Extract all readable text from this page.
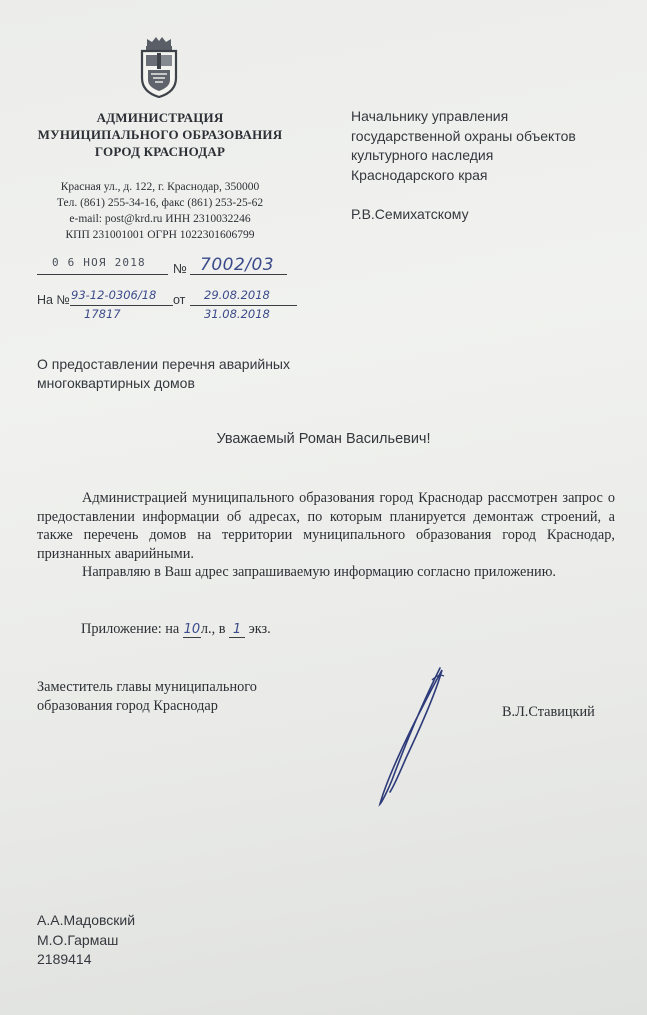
АДМИНИСТРАЦИЯ
МУНИЦИПАЛЬНОГО ОБРАЗОВАНИЯ
ГОРОД КРАСНОДАР
Красная ул., д. 122, г. Краснодар, 350000
Тел. (861) 255-34-16, факс (861) 253-25-62
e-mail: post@krd.ru ИНН 2310032246
КПП 231001001 ОГРН 1022301606799
0 6 НОЯ 2018 № 7002/03
На № 93-12-0306/18
17817
от 29.08.2018
31.08.2018
Начальнику управления
государственной охраны объектов
культурного наследия
Краснодарского края
Р.В.Семихатскому
О предоставлении перечня аварийных
многоквартирных домов
Уважаемый Роман Васильевич!

Администрацией муниципального образования город Краснодар рассмотрен запрос о предоставлении информации об адресах, по которым планируется демонтаж строений, а также перечень домов на территории муниципального образования город Краснодар, признанных аварийными.

Направляю в Ваш адрес запрашиваемую информацию согласно приложению.

Приложение: на 10л., в 1 экз.
Заместитель главы муниципального
образования город Краснодар	В.Л.Ставицкий
А.А.Мадовский
М.О.Гармаш
2189414
